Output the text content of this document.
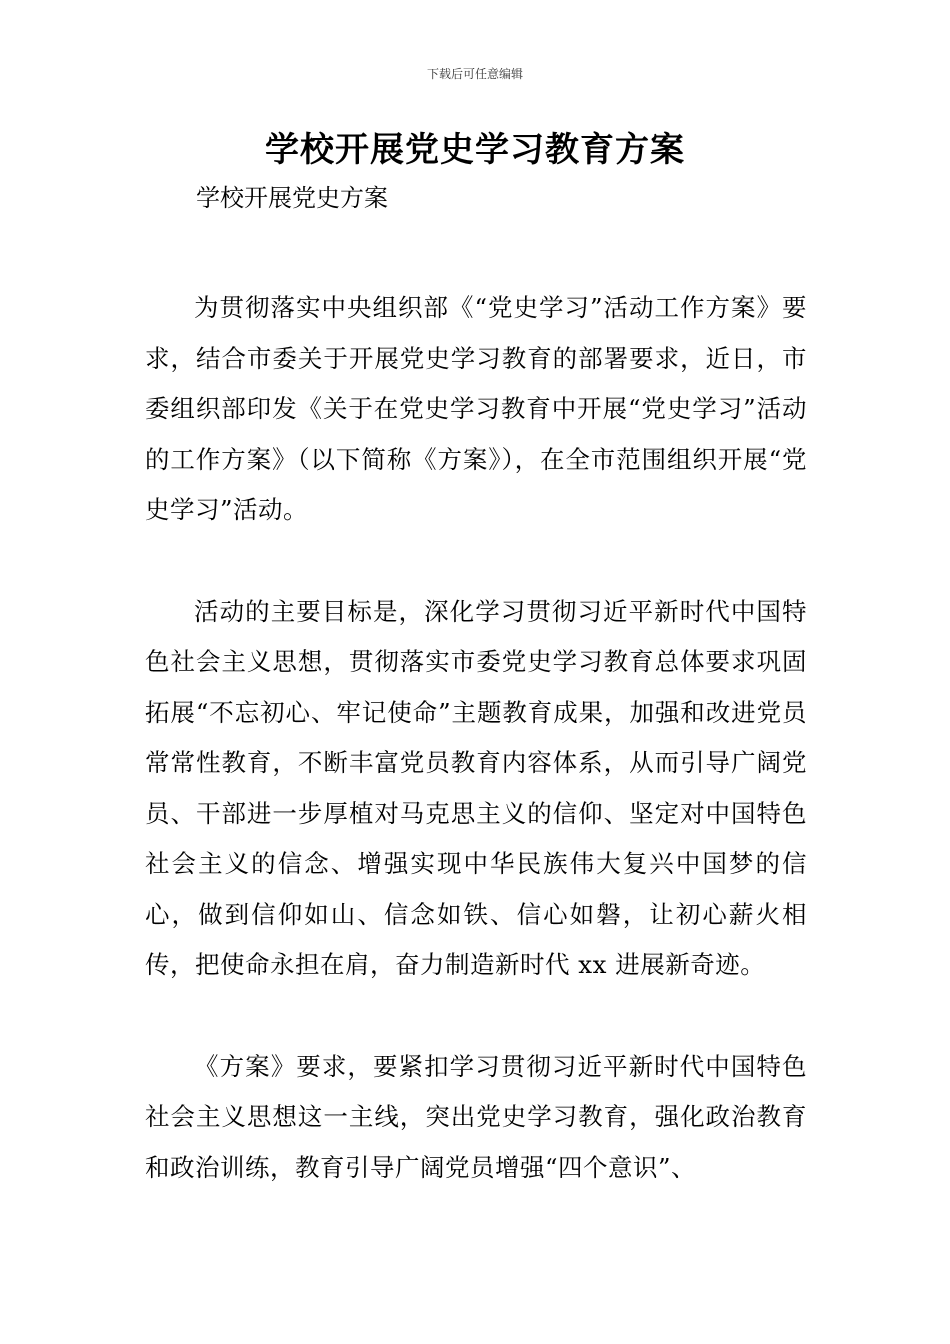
下载后可任意编辑
学校开展党史学习教育方案
学校开展党史方案

为贯彻落实中央组织部《“党史学习”活动工作方案》要求，结合市委关于开展党史学习教育的部署要求，近日，市委组织部印发《关于在党史学习教育中开展“党史学习”活动的工作方案》（以下简称《方案》），在全市范围组织开展“党史学习”活动。

活动的主要目标是，深化学习贯彻习近平新时代中国特色社会主义思想，贯彻落实市委党史学习教育总体要求巩固拓展“不忘初心、牢记使命”主题教育成果，加强和改进党员常常性教育，不断丰富党员教育内容体系，从而引导广阔党员、干部进一步厚植对马克思主义的信仰、坚定对中国特色社会主义的信念、增强实现中华民族伟大复兴中国梦的信心，做到信仰如山、信念如铁、信心如磐，让初心薪火相传，把使命永担在肩，奋力制造新时代 xx 进展新奇迹。

《方案》要求，要紧扣学习贯彻习近平新时代中国特色社会主义思想这一主线，突出党史学习教育，强化政治教育和政治训练，教育引导广阔党员增强“四个意识”、
